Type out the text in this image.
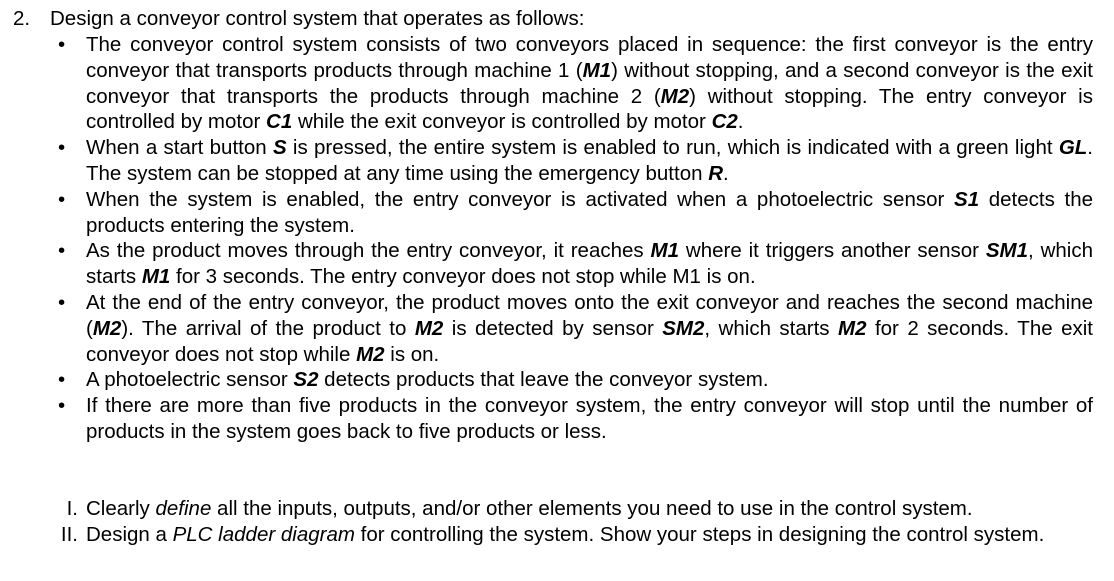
2. Design a conveyor control system that operates as follows:
• The conveyor control system consists of two conveyors placed in sequence: the first conveyor is the entry conveyor that transports products through machine 1 (M1) without stopping, and a second conveyor is the exit conveyor that transports the products through machine 2 (M2) without stopping. The entry conveyor is controlled by motor C1 while the exit conveyor is controlled by motor C2.
• When a start button S is pressed, the entire system is enabled to run, which is indicated with a green light GL. The system can be stopped at any time using the emergency button R.
• When the system is enabled, the entry conveyor is activated when a photoelectric sensor S1 detects the products entering the system.
• As the product moves through the entry conveyor, it reaches M1 where it triggers another sensor SM1, which starts M1 for 3 seconds. The entry conveyor does not stop while M1 is on.
• At the end of the entry conveyor, the product moves onto the exit conveyor and reaches the second machine (M2). The arrival of the product to M2 is detected by sensor SM2, which starts M2 for 2 seconds. The exit conveyor does not stop while M2 is on.
• A photoelectric sensor S2 detects products that leave the conveyor system.
• If there are more than five products in the conveyor system, the entry conveyor will stop until the number of products in the system goes back to five products or less.
I. Clearly define all the inputs, outputs, and/or other elements you need to use in the control system.
II. Design a PLC ladder diagram for controlling the system. Show your steps in designing the control system.
